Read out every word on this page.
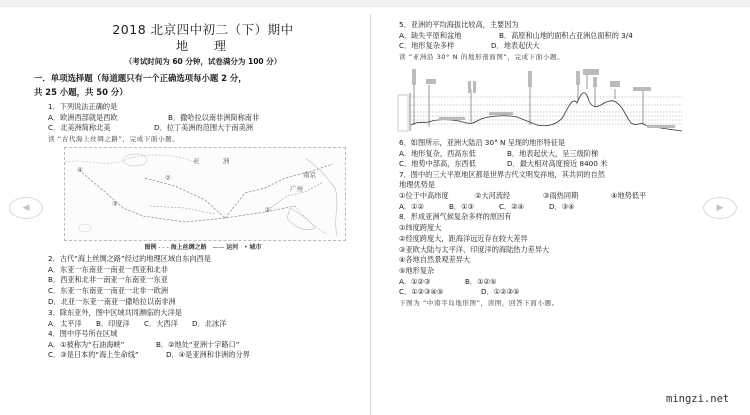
2018 北京四中初二（下）期中
地理
（考试时间为 60 分钟，试卷满分为 100 分）
一．单项选择题（每道题只有一个正确选项每小题 2 分，
共 25 小题，共 50 分）
1．下列说法正确的是
A．欧洲西部就是西欧	B．撒哈拉以南非洲简称南非
C．北美洲简称北美	D．拉丁美洲的范围大于南美洲
读 “古代海上丝绸之路”，完成下面小题。
亚	洲
南京
广州
①
②
③
④
图例 - - - 海上丝绸之路 —— 运河 • 城市
2．古代“海上丝绸之路”经过的地理区域自东向西是
A．东亚一东南亚一南亚一西亚和北非
B．西亚和北非一南亚一东南亚一东亚
C．东亚一东南亚一南亚一北非一欧洲
D．北亚一东亚一南亚一撒哈拉以南非洲
3．除东亚外，图中区域共同濒临的大洋是
A．太平洋 B．印度洋 C．大西洋 D．北冰洋
4．图中序号所在区域
A．①被称为“石油海峡”	B．②地处“亚洲十字路口”
C．③是日本的“海上生命线”	D．④是亚洲和非洲的分界
5．亚洲的平均海拔比较高，主要因为
A．缺失平原和盆地	B．高原和山地的面积占亚洲总面积的 3/4
C．地形复杂多样	D．地表起伏大
读 “亚洲沿 30° N 的地形剖面图”，完成下面小题。
6．如图所示，亚洲大陆沿 30° N 呈现的地形特征是
A．地形复杂，西高东低	B．地表起伏大，呈三级阶梯
C．地势中部高，东西低	D．最大相对高度接近 8400 米
7．图中的三大平原地区都是世界古代文明发祥地，其共同的自然
地理优势是
①位于中高纬度	②大河流经	③雨热同期	④地势低平
A．①②	B．①③	C．②④	D．③④
8．形成亚洲气候复杂多样的原因有
①纬度跨度大
②经度跨度大，距海洋远近存在较大差异
③亚欧大陆与太平洋、印度洋的海陆热力差异大
④各地自然景观差异大
⑤地形复杂
A．①②③	B．①②⑤
C．①②③④⑤	D．①②③⑤
下图为 “中南半岛地形图”，读图，回答下面小题。
◀	▶
mingzi.net
